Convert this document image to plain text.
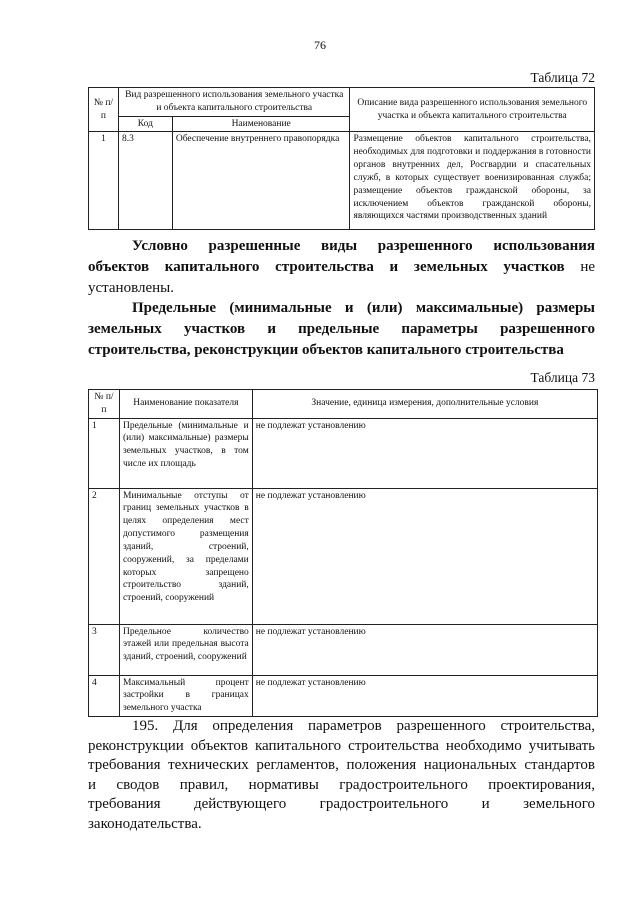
76
Таблица 72
№ п/п	Вид разрешенного использования земельного участка и объекта капитального строительства		Описание вида разрешенного использования земельного участка и объекта капитального строительства
	Код	Наименование	
1	8.3	Обеспечение внутреннего правопорядка	Размещение объектов капитального строительства, необходимых для подготовки и поддержания в готовности органов внутренних дел, Росгвардии и спасательных служб, в которых существует военизированная служба; размещение объектов гражданской обороны, за исключением объектов гражданской обороны, являющихся частями производственных зданий
Условно разрешенные виды разрешенного использования
объектов капитального строительства и земельных участков не
установлены.
Предельные (минимальные и (или) максимальные) размеры
земельных участков и предельные параметры разрешенного
строительства, реконструкции объектов капитального строительства
Таблица 73
№ п/п	Наименование показателя	Значение, единица измерения, дополнительные условия
1	Предельные (минимальные и (или) максимальные) размеры земельных участков, в том числе их площадь	не подлежат установлению
2	Минимальные отступы от границ земельных участков в целях определения мест допустимого размещения зданий, строений, сооружений, за пределами которых запрещено строительство зданий, строений, сооружений	не подлежат установлению
3	Предельное количество этажей или предельная высота зданий, строений, сооружений	не подлежат установлению
4	Максимальный процент застройки в границах земельного участка	не подлежат установлению
195. Для определения параметров разрешенного строительства,
реконструкции объектов капитального строительства необходимо учитывать
требования технических регламентов, положения национальных стандартов
и сводов правил, нормативы градостроительного проектирования,
требования действующего градостроительного и земельного
законодательства.
